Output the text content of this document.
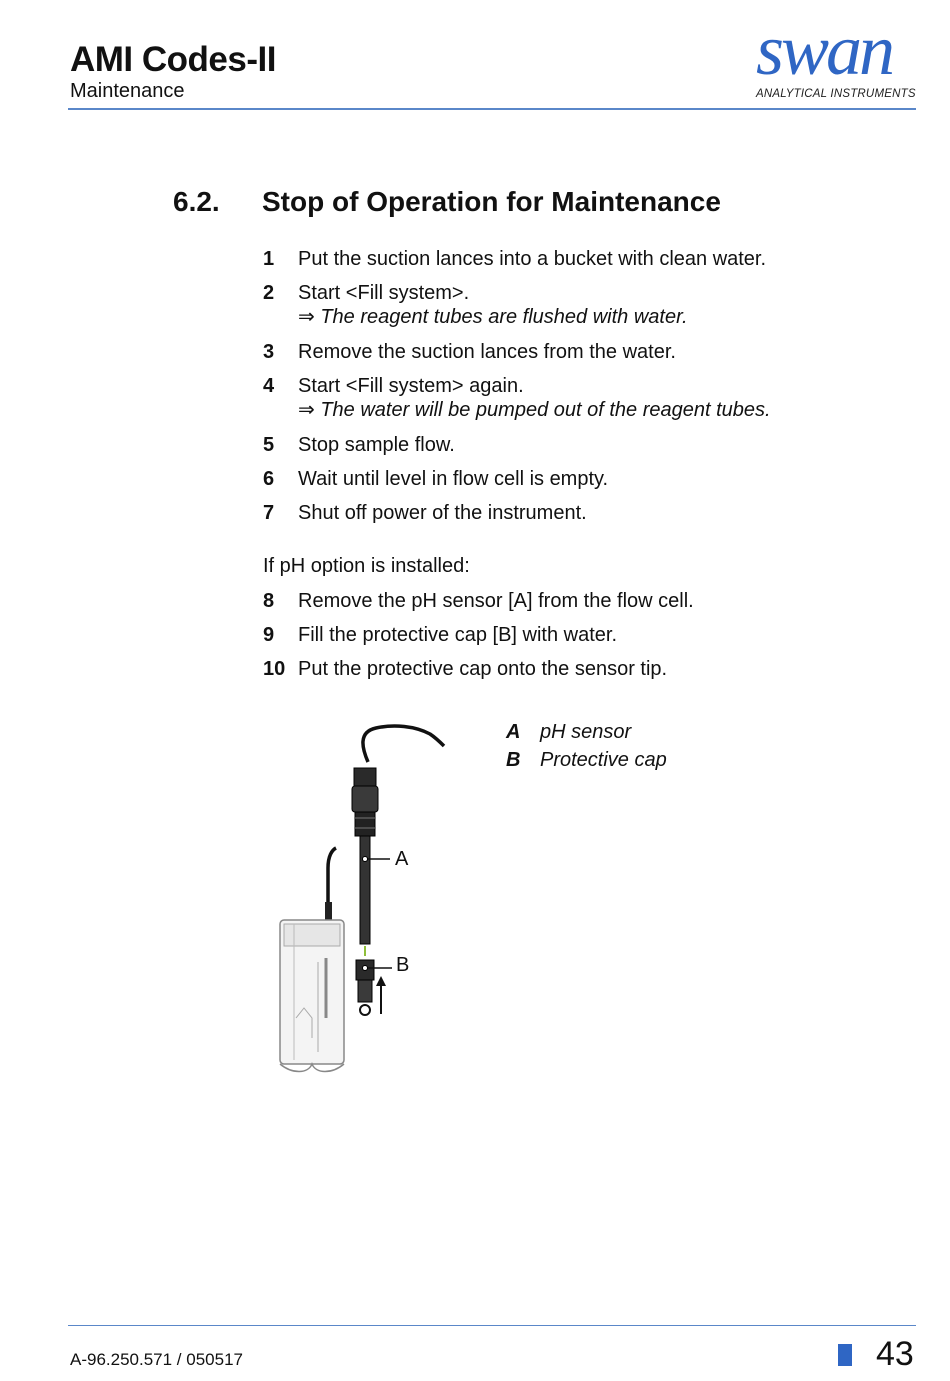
AMI Codes-II
Maintenance
swan
ANALYTICAL INSTRUMENTS
6.2. Stop of Operation for Maintenance
1 Put the suction lances into a bucket with clean water.
2 Start <Fill system>.
⇒ The reagent tubes are flushed with water.
3 Remove the suction lances from the water.
4 Start <Fill system> again.
⇒ The water will be pumped out of the reagent tubes.
5 Stop sample flow.
6 Wait until level in flow cell is empty.
7 Shut off power of the instrument.
If pH option is installed:
8 Remove the pH sensor [A] from the flow cell.
9 Fill the protective cap [B] with water.
10 Put the protective cap onto the sensor tip.
A pH sensor
B Protective cap
A
B
A-96.250.571 / 050517	43
